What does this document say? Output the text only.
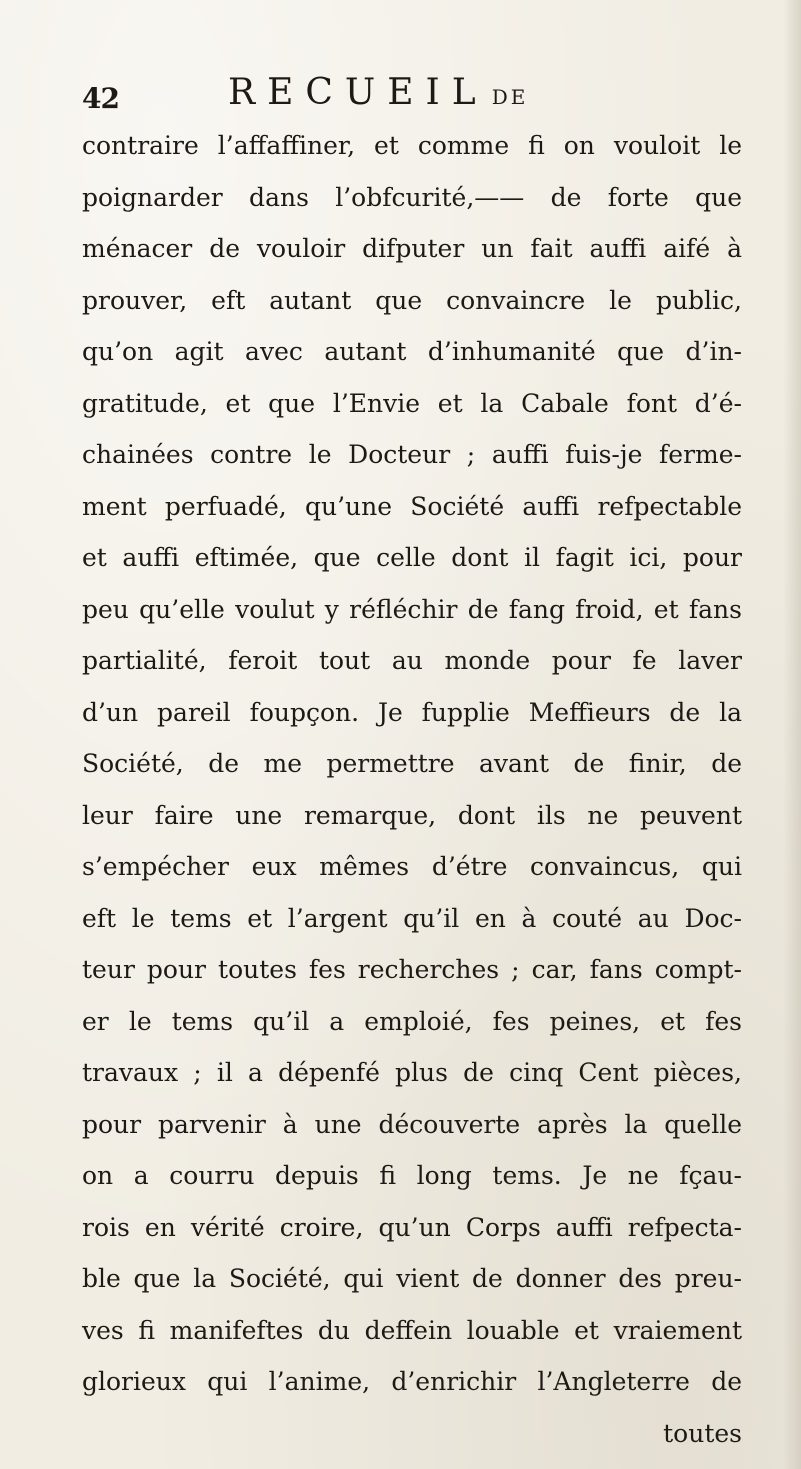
42	RECUEIL DE
contraire l’affaffiner, et comme fi on vouloit le
poignarder dans l’obfcurité,—— de forte que
ménacer de vouloir difputer un fait auffi aifé à
prouver, eft autant que convaincre le public,
qu’on agit avec autant d’inhumanité que d’in-
gratitude, et que l’Envie et la Cabale font d’é-
chainées contre le Docteur ; auffi fuis-je ferme-
ment perfuadé, qu’une Société auffi refpectable
et auffi eftimée, que celle dont il fagit ici, pour
peu qu’elle voulut y réfléchir de fang froid, et fans
partialité, feroit tout au monde pour fe laver
d’un pareil foupçon. Je fupplie Meffieurs de la
Société, de me permettre avant de finir, de
leur faire une remarque, dont ils ne peuvent
s’empécher eux mêmes d’étre convaincus, qui
eft le tems et l’argent qu’il en à couté au Doc-
teur pour toutes fes recherches ; car, fans compt-
er le tems qu’il a emploié, fes peines, et fes
travaux ; il a dépenfé plus de cinq Cent pièces,
pour parvenir à une découverte après la quelle
on a courru depuis fi long tems. Je ne fçau-
rois en vérité croire, qu’un Corps auffi refpecta-
ble que la Société, qui vient de donner des preu-
ves fi manifeftes du deffein louable et vraiement
glorieux qui l’anime, d’enrichir l’Angleterre de
toutes
